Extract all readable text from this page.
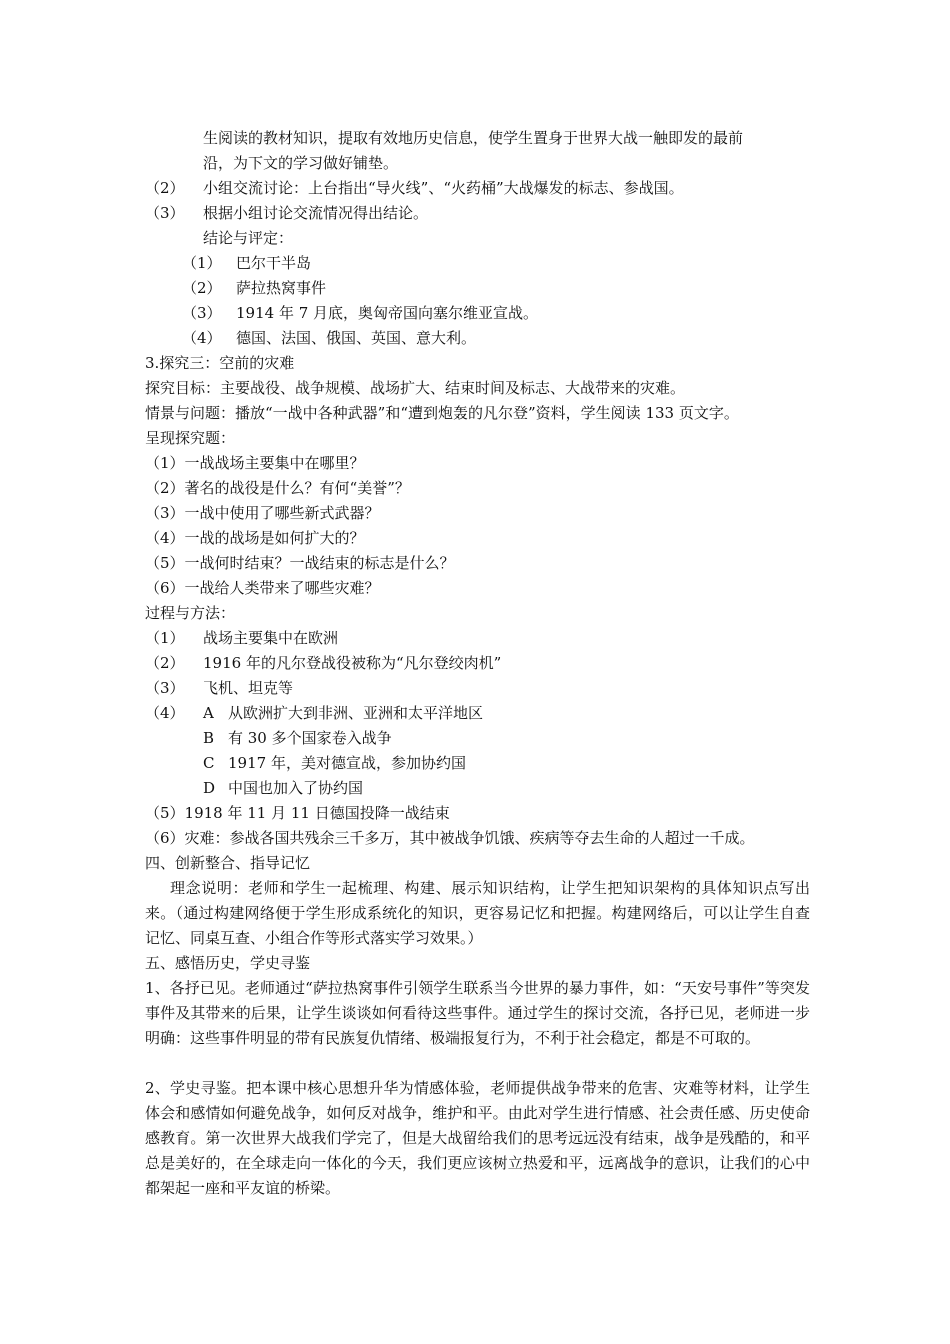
生阅读的教材知识，提取有效地历史信息，使学生置身于世界大战一触即发的最前
沿，为下文的学习做好铺垫。
（2） 小组交流讨论：上台指出“导火线”、“火药桶”大战爆发的标志、参战国。
（3） 根据小组讨论交流情况得出结论。
结论与评定：
（1） 巴尔干半岛
（2） 萨拉热窝事件
（3） 1914 年 7 月底，奥匈帝国向塞尔维亚宣战。
（4） 德国、法国、俄国、英国、意大利。
3.探究三：空前的灾难
探究目标：主要战役、战争规模、战场扩大、结束时间及标志、大战带来的灾难。
情景与问题：播放“一战中各种武器”和“遭到炮轰的凡尔登”资料，学生阅读 133 页文字。
呈现探究题：
（1）一战战场主要集中在哪里？
（2）著名的战役是什么？有何“美誉”？
（3）一战中使用了哪些新式武器？
（4）一战的战场是如何扩大的？
（5）一战何时结束？一战结束的标志是什么？
（6）一战给人类带来了哪些灾难？
过程与方法：
（1） 战场主要集中在欧洲
（2） 1916 年的凡尔登战役被称为“凡尔登绞肉机”
（3） 飞机、坦克等
（4） A 从欧洲扩大到非洲、亚洲和太平洋地区
B 有 30 多个国家卷入战争
C 1917 年，美对德宣战，参加协约国
D 中国也加入了协约国
（5）1918 年 11 月 11 日德国投降一战结束
（6）灾难：参战各国共残余三千多万，其中被战争饥饿、疾病等夺去生命的人超过一千成。
四、创新整合、指导记忆
理念说明：老师和学生一起梳理、构建、展示知识结构，让学生把知识架构的具体知识点写出来。（通过构建网络便于学生形成系统化的知识，更容易记忆和把握。构建网络后，可以让学生自查记忆、同桌互查、小组合作等形式落实学习效果。）
五、感悟历史，学史寻鉴
1、各抒已见。老师通过“萨拉热窝事件引领学生联系当今世界的暴力事件，如：“天安号事件”等突发事件及其带来的后果，让学生谈谈如何看待这些事件。通过学生的探讨交流，各抒已见，老师进一步明确：这些事件明显的带有民族复仇情绪、极端报复行为，不利于社会稳定，都是不可取的。
2、学史寻鉴。把本课中核心思想升华为情感体验，老师提供战争带来的危害、灾难等材料，让学生体会和感情如何避免战争，如何反对战争，维护和平。由此对学生进行情感、社会责任感、历史使命感教育。第一次世界大战我们学完了，但是大战留给我们的思考远远没有结束，战争是残酷的，和平总是美好的，在全球走向一体化的今天，我们更应该树立热爱和平，远离战争的意识，让我们的心中都架起一座和平友谊的桥梁。
